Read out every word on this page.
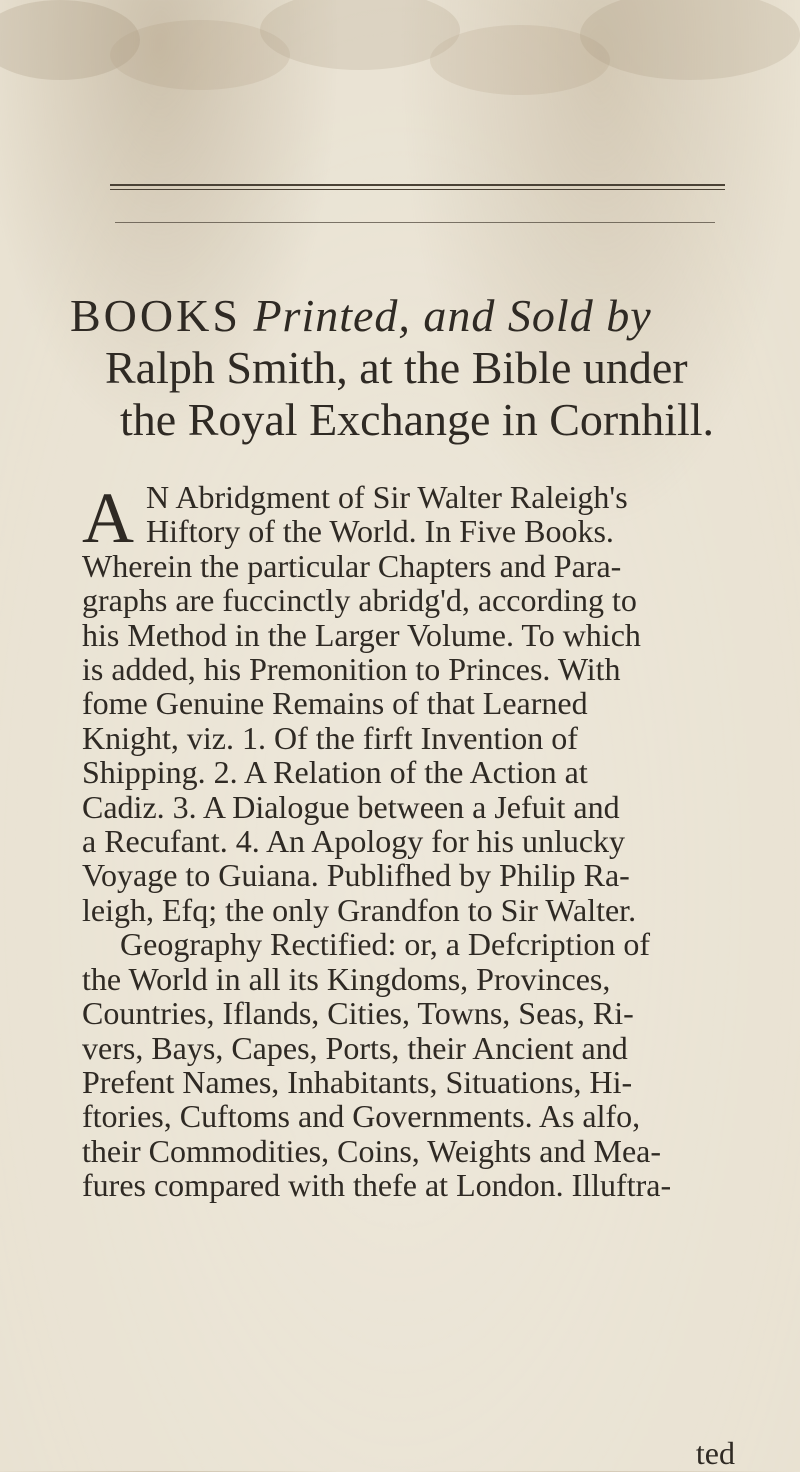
BOOKS Printed, and Sold by
Ralph Smith, at the Bible under
the Royal Exchange in Cornhill.
A N Abridgment of Sir Walter Raleigh's
Hiftory of the World. In Five Books.
Wherein the particular Chapters and Para-
graphs are fuccinctly abridg'd, according to
his Method in the Larger Volume. To which
is added, his Premonition to Princes. With
fome Genuine Remains of that Learned
Knight, viz. 1. Of the firft Invention of
Shipping. 2. A Relation of the Action at
Cadiz. 3. A Dialogue between a Jefuit and
a Recufant. 4. An Apology for his unlucky
Voyage to Guiana. Publifhed by Philip Ra-
leigh, Efq; the only Grandfon to Sir Walter.
Geography Rectified: or, a Defcription of
the World in all its Kingdoms, Provinces,
Countries, Iflands, Cities, Towns, Seas, Ri-
vers, Bays, Capes, Ports, their Ancient and
Prefent Names, Inhabitants, Situations, Hi-
ftories, Cuftoms and Governments. As alfo,
their Commodities, Coins, Weights and Mea-
fures compared with thefe at London. Illuftra-
ted
